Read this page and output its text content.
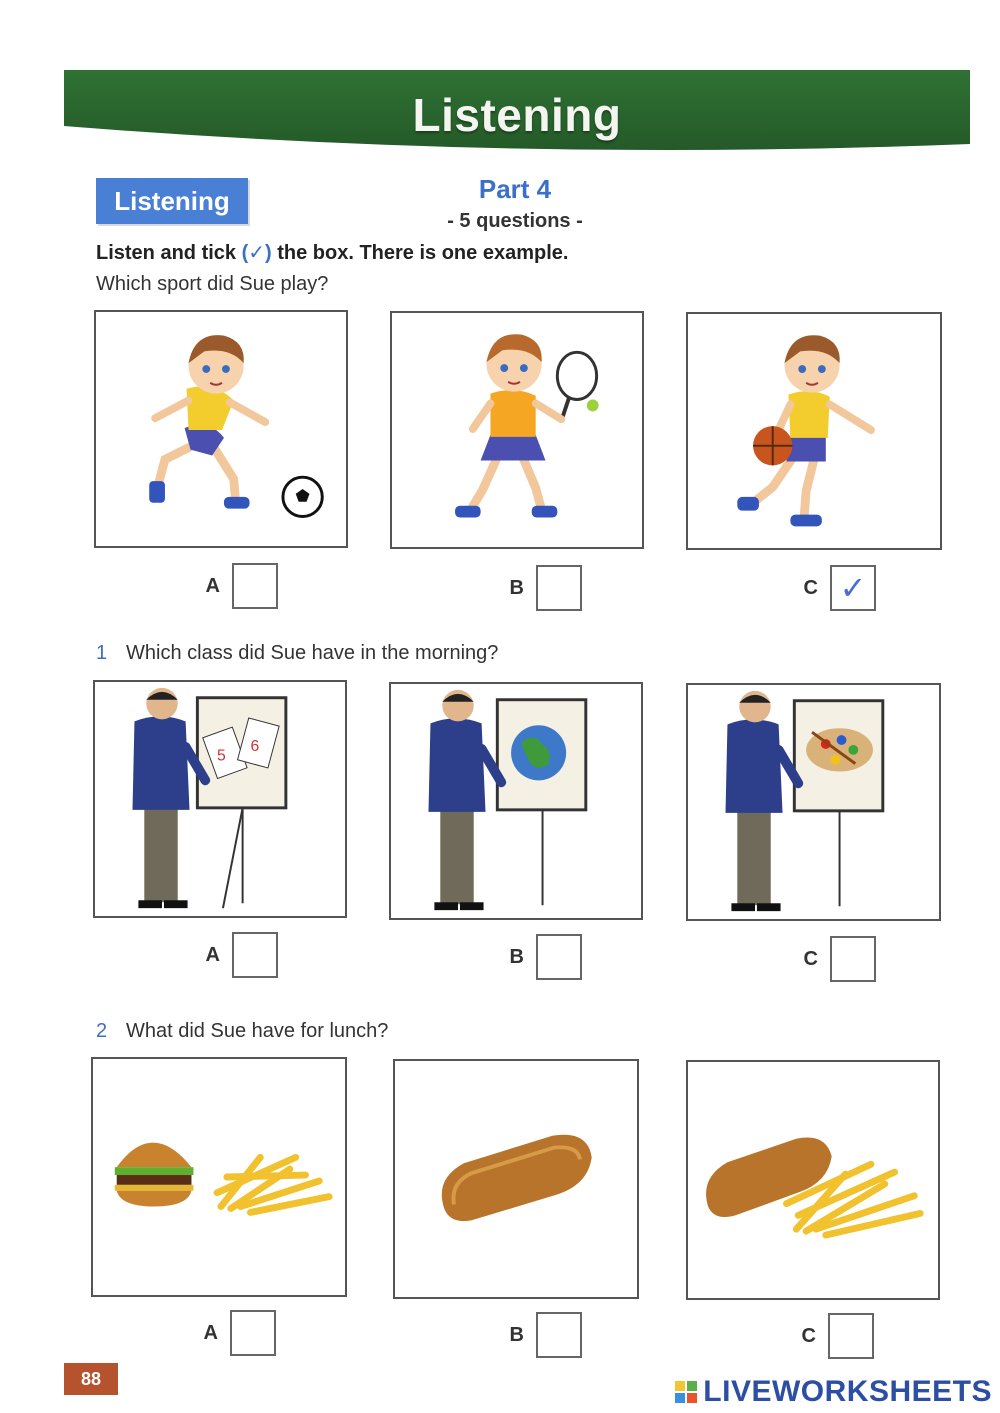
Listening
Listening	Part 4
- 5 questions -
Listen and tick (✓) the box. There is one example.
Which sport did Sue play?
A	B	C ✓
1 Which class did Sue have in the morning?
5
6
A	B	C
2 What did Sue have for lunch?
A	B	C
88	LIVEWORKSHEETS
